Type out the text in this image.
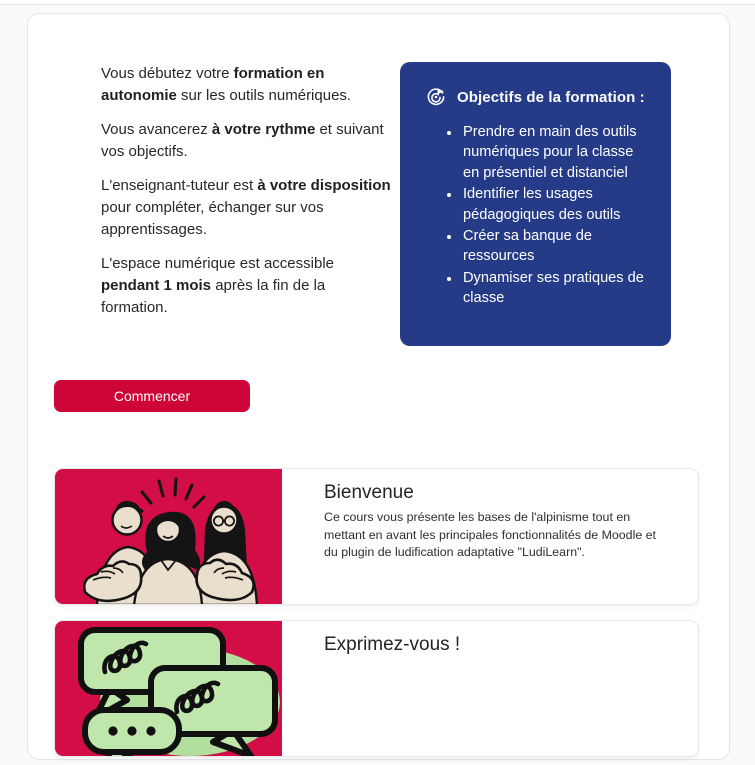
Vous débutez votre formation en autonomie sur les outils numériques.

Vous avancerez à votre rythme et suivant vos objectifs.

L'enseignant-tuteur est à votre disposition pour compléter, échanger sur vos apprentissages.

L'espace numérique est accessible pendant 1 mois après la fin de la formation.

Objectifs de la formation :
• Prendre en main des outils numériques pour la classe en présentiel et distanciel
• Identifier les usages pédagogiques des outils
• Créer sa banque de ressources
• Dynamiser ses pratiques de classe
Commencer
Bienvenue
Ce cours vous présente les bases de l'alpinisme tout en mettant en avant les principales fonctionnalités de Moodle et du plugin de ludification adaptative "LudiLearn".
Exprimez-vous !
